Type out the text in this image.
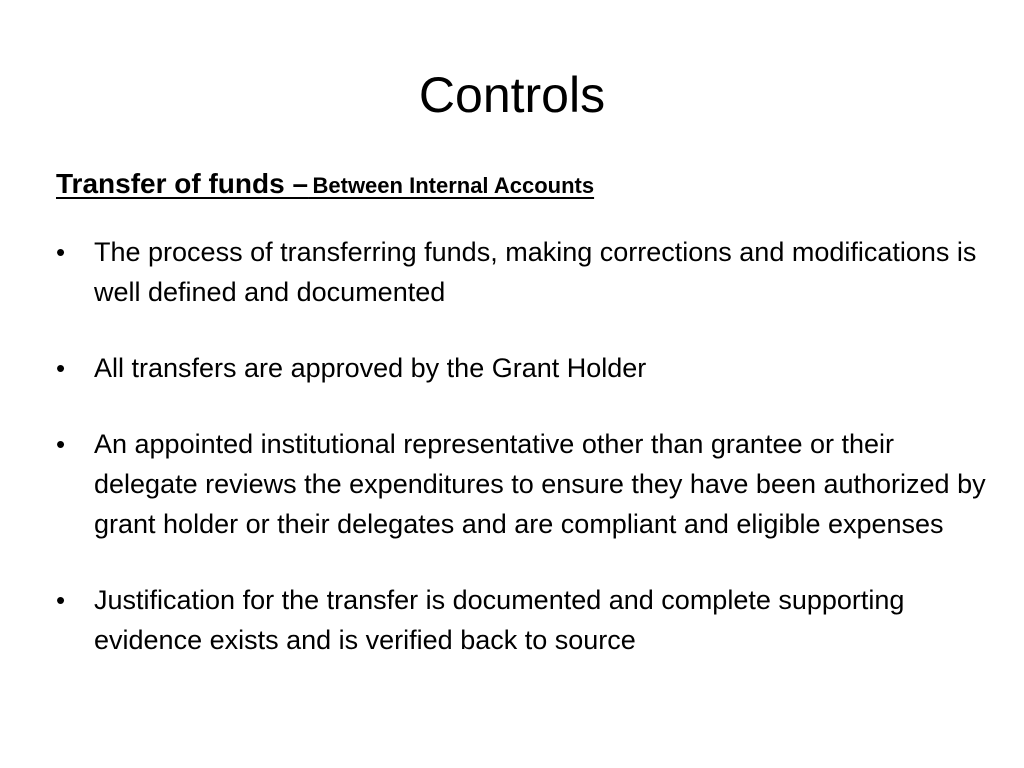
Controls
Transfer of funds – Between Internal Accounts
•	The process of transferring funds, making corrections and modifications is well defined and documented
•	All transfers are approved by the Grant Holder
•	An appointed institutional representative other than grantee or their delegate reviews the expenditures to ensure they have been authorized by grant holder or their delegates and are compliant and eligible expenses
•	Justification for the transfer is documented and complete supporting evidence exists and is verified back to source
